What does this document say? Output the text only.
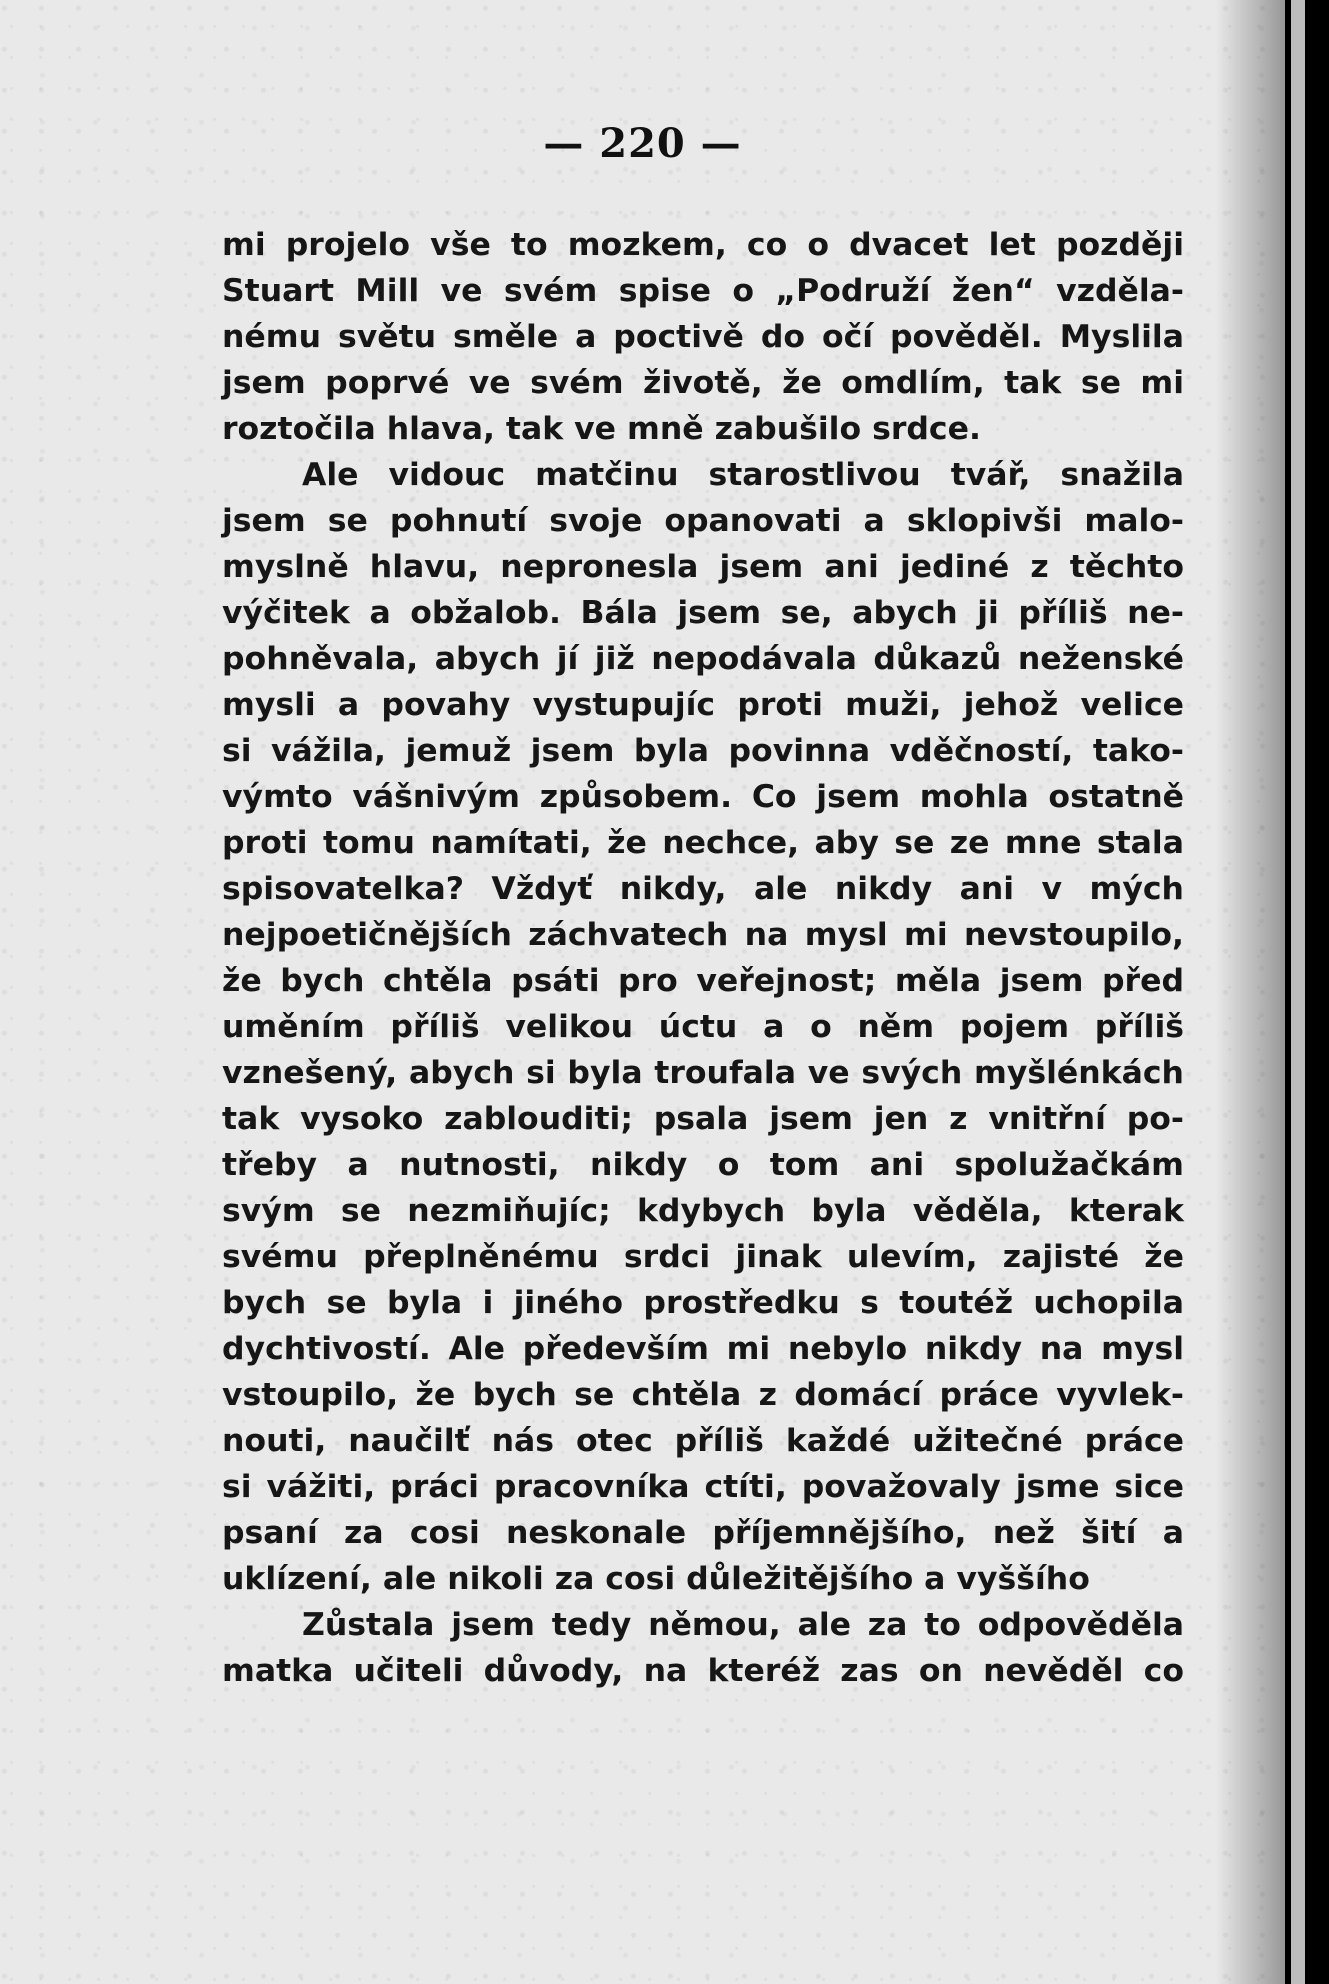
— 220 —
mi projelo vše to mozkem, co o dvacet let později
Stuart Mill ve svém spise o „Podruží žen“ vzděla-
nému světu směle a poctivě do očí pověděl. Myslila
jsem poprvé ve svém životě, že omdlím, tak se mi
roztočila hlava, tak ve mně zabušilo srdce.
Ale vidouc matčinu starostlivou tvář, snažila
jsem se pohnutí svoje opanovati a sklopivši malo-
myslně hlavu, nepronesla jsem ani jediné z těchto
výčitek a obžalob. Bála jsem se, abych ji příliš ne-
pohněvala, abych jí již nepodávala důkazů neženské
mysli a povahy vystupujíc proti muži, jehož velice
si vážila, jemuž jsem byla povinna vděčností, tako-
výmto vášnivým způsobem. Co jsem mohla ostatně
proti tomu namítati, že nechce, aby se ze mne stala
spisovatelka? Vždyť nikdy, ale nikdy ani v mých
nejpoetičnějších záchvatech na mysl mi nevstoupilo,
že bych chtěla psáti pro veřejnost; měla jsem před
uměním příliš velikou úctu a o něm pojem příliš
vznešený, abych si byla troufala ve svých myšlénkách
tak vysoko zablouditi; psala jsem jen z vnitřní po-
třeby a nutnosti, nikdy o tom ani spolužačkám
svým se nezmiňujíc; kdybych byla věděla, kterak
svému přeplněnému srdci jinak ulevím, zajisté že
bych se byla i jiného prostředku s toutéž uchopila
dychtivostí. Ale především mi nebylo nikdy na mysl
vstoupilo, že bych se chtěla z domácí práce vyvlek-
nouti, naučilť nás otec příliš každé užitečné práce
si vážiti, práci pracovníka ctíti, považovaly jsme sice
psaní za cosi neskonale příjemnějšího, než šití a
uklízení, ale nikoli za cosi důležitějšího a vyššího
Zůstala jsem tedy němou, ale za to odpověděla
matka učiteli důvody, na kteréž zas on nevěděl co
